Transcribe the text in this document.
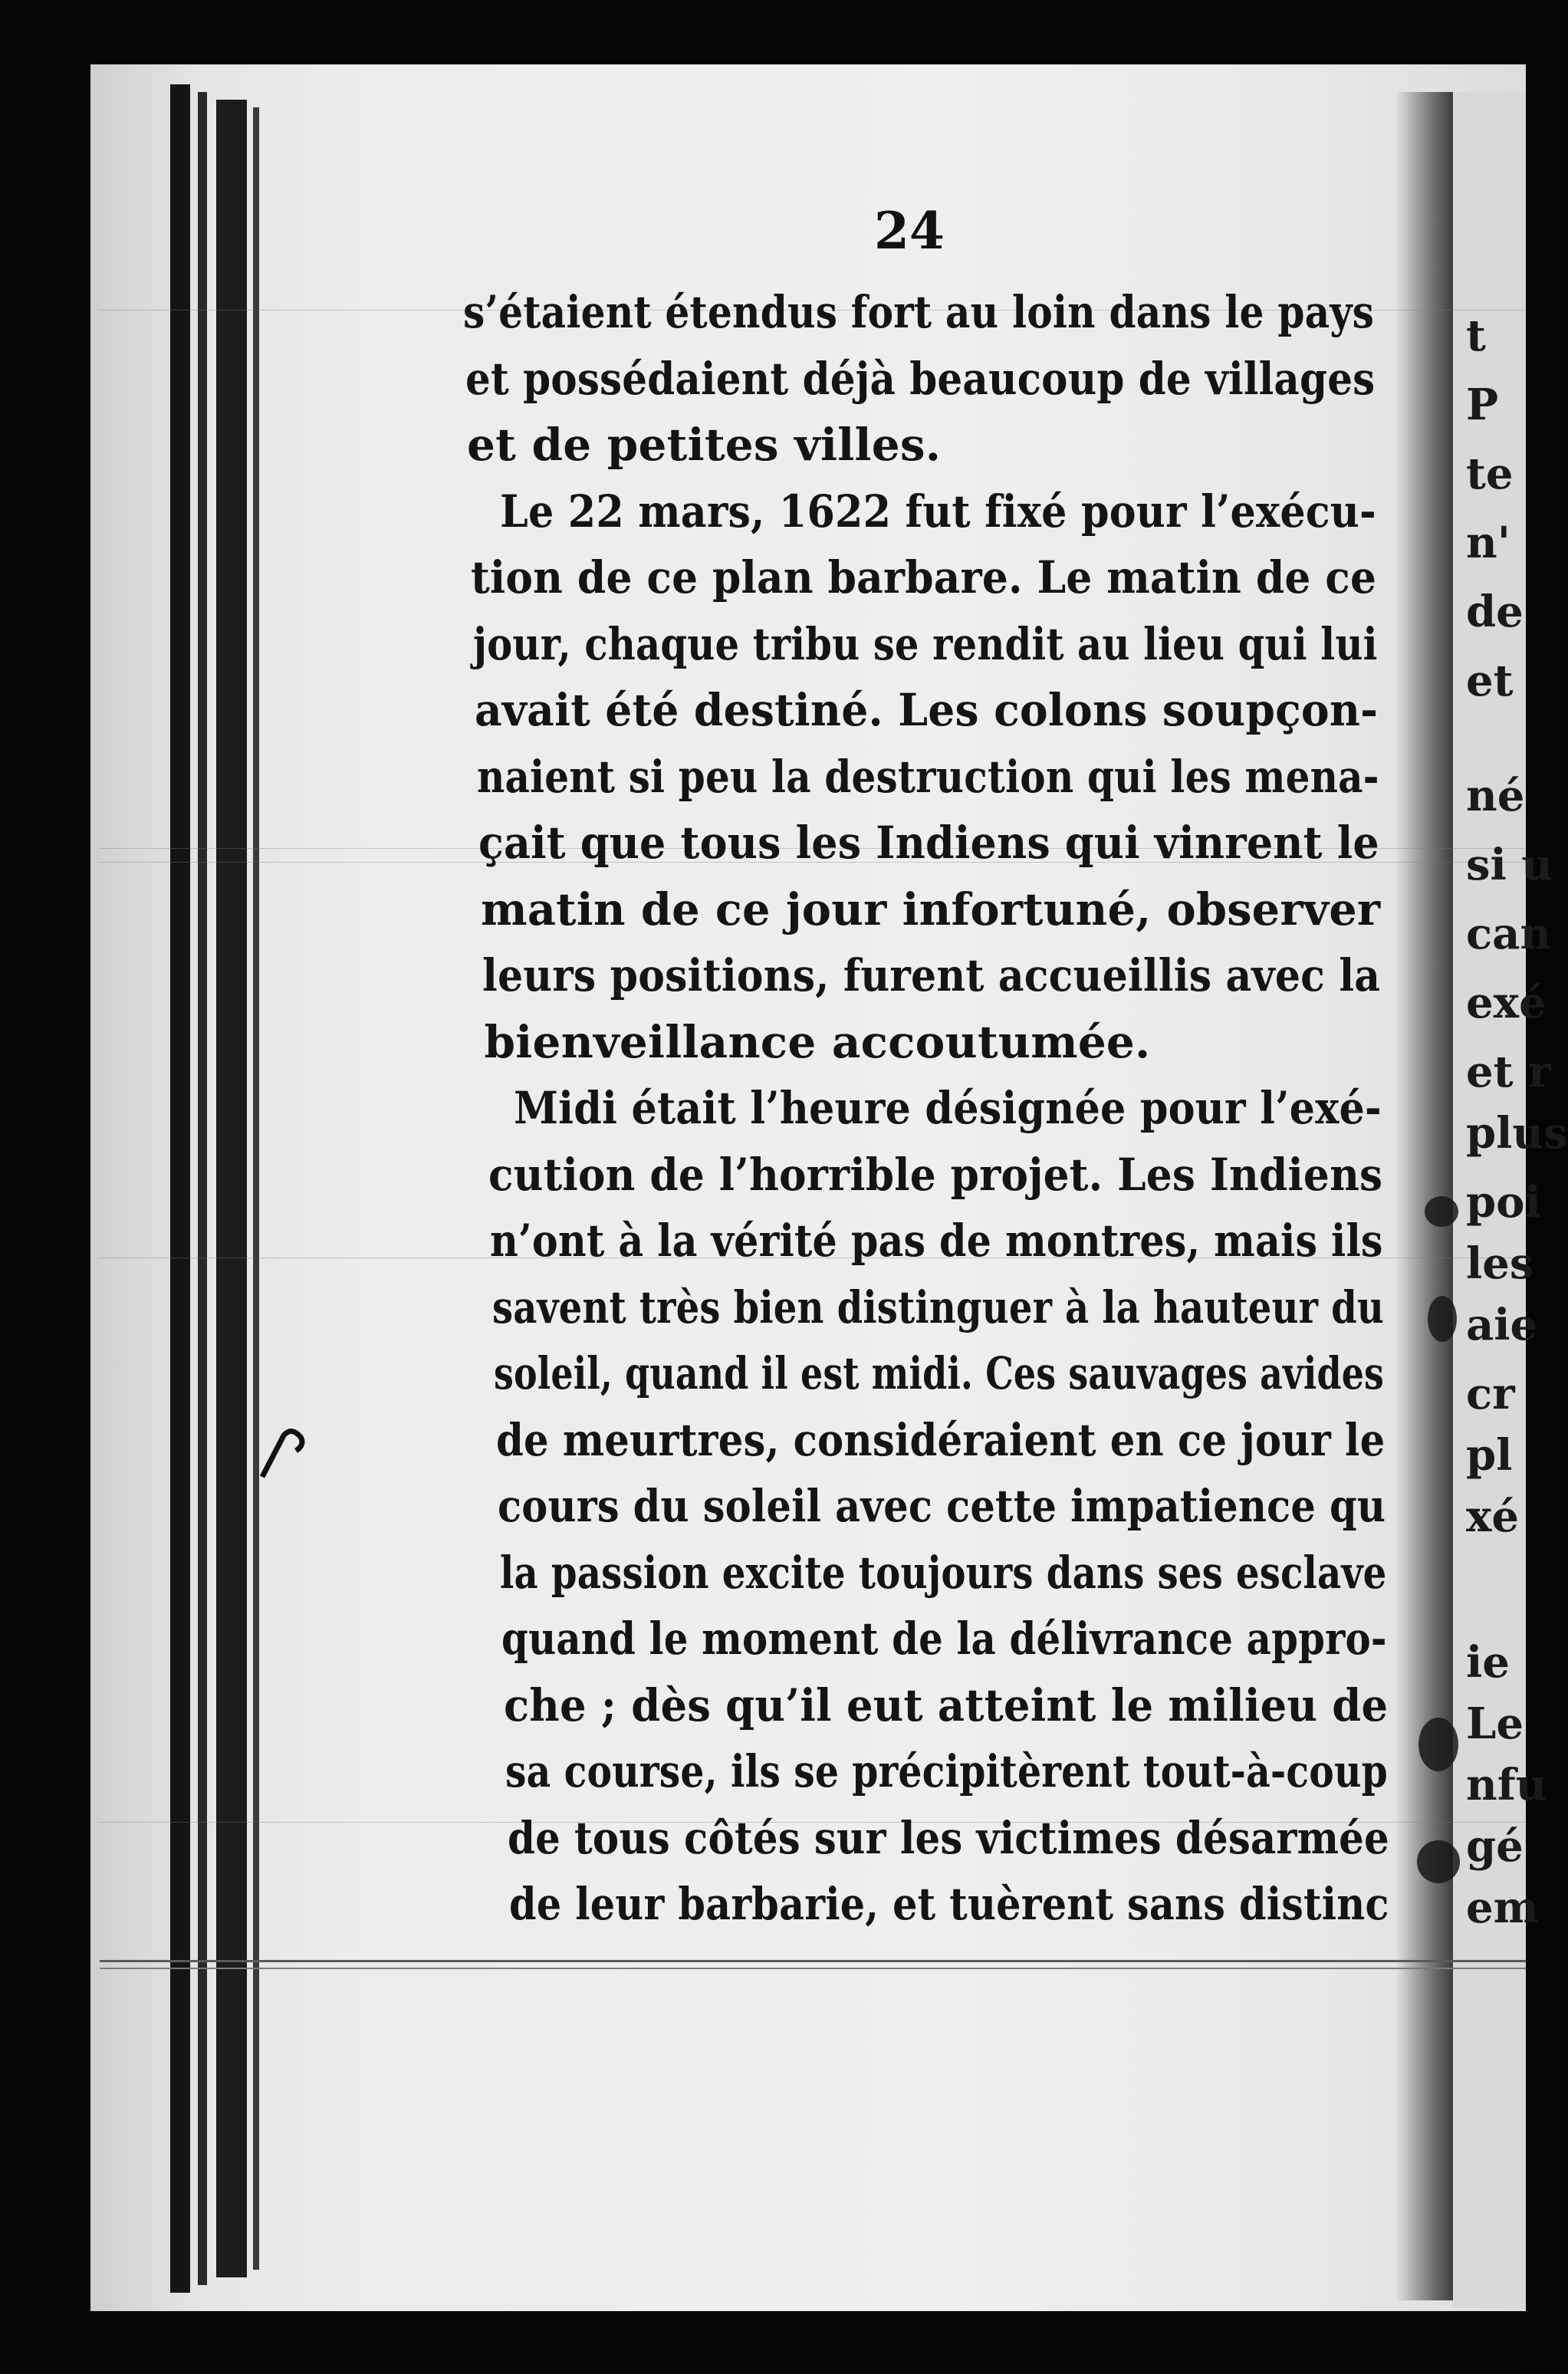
24
s’étaient étendus fort au loin dans le pays
et possédaient déjà beaucoup de villages
et de petites villes.
Le 22 mars, 1622 fut fixé pour l’exécu-
tion de ce plan barbare. Le matin de ce
jour, chaque tribu se rendit au lieu qui lui
avait été destiné. Les colons soupçon-
naient si peu la destruction qui les mena-
çait que tous les Indiens qui vinrent le
matin de ce jour infortuné, observer
leurs positions, furent accueillis avec la
bienveillance accoutumée.
Midi était l’heure désignée pour l’exé-
cution de l’horrible projet. Les Indiens
n’ont à la vérité pas de montres, mais ils
savent très bien distinguer à la hauteur du
soleil, quand il est midi. Ces sauvages avides
de meurtres, considéraient en ce jour le
cours du soleil avec cette impatience qu
la passion excite toujours dans ses esclave
quand le moment de la délivrance appro-
che ; dès qu’il eut atteint le milieu de
sa course, ils se précipitèrent tout-à-coup
de tous côtés sur les victimes désarmée
de leur barbarie, et tuèrent sans distinc
t
P
te
n'
de
et
né
si u
can
exé
et r
plus
poi
les
aie
cr
pl
xé
ie
Le
nfu
gé
em
